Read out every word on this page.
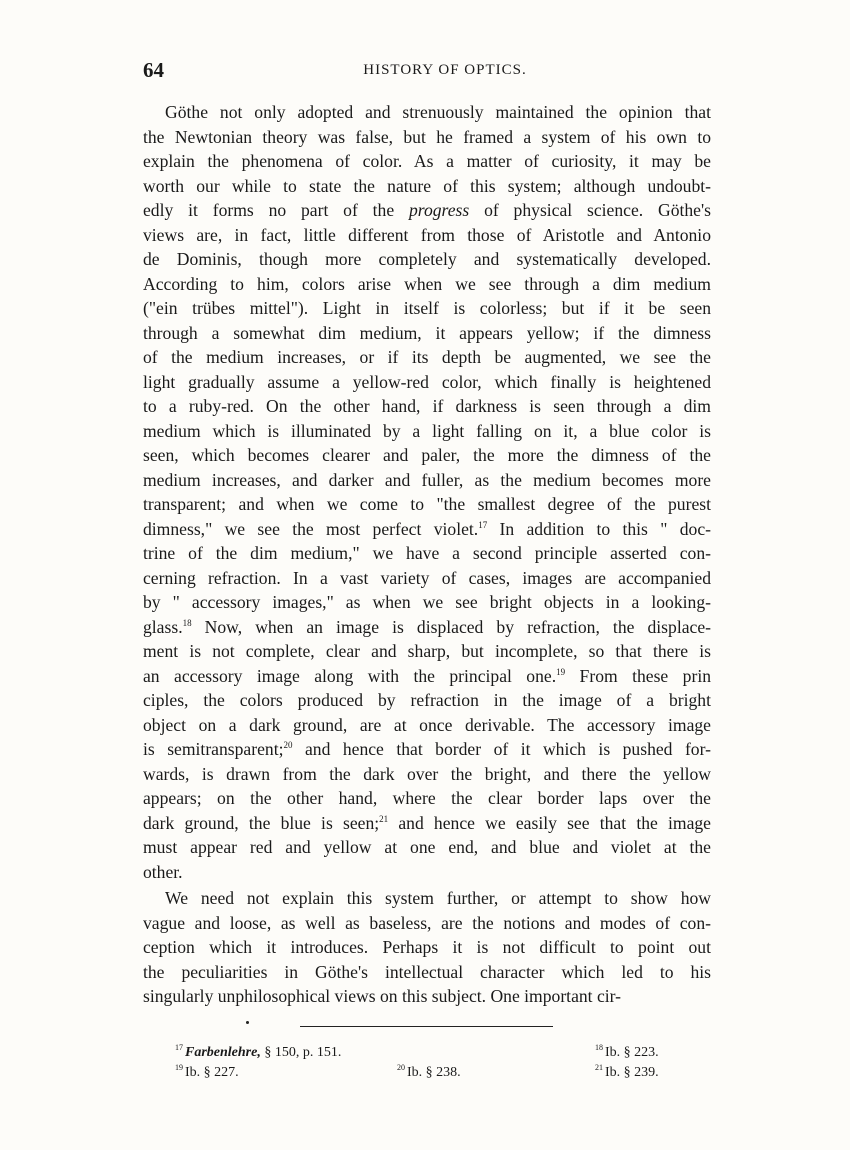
64	HISTORY OF OPTICS.

Göthe not only adopted and strenuously maintained the opinion that
the Newtonian theory was false, but he framed a system of his own to
explain the phenomena of color. As a matter of curiosity, it may be
worth our while to state the nature of this system; although undoubt-
edly it forms no part of the progress of physical science. Göthe's
views are, in fact, little different from those of Aristotle and Antonio
de Dominis, though more completely and systematically developed.
According to him, colors arise when we see through a dim medium
("ein trübes mittel"). Light in itself is colorless; but if it be seen
through a somewhat dim medium, it appears yellow; if the dimness
of the medium increases, or if its depth be augmented, we see the
light gradually assume a yellow-red color, which finally is heightened
to a ruby-red. On the other hand, if darkness is seen through a dim
medium which is illuminated by a light falling on it, a blue color is
seen, which becomes clearer and paler, the more the dimness of the
medium increases, and darker and fuller, as the medium becomes more
transparent; and when we come to "the smallest degree of the purest
dimness," we see the most perfect violet.$^{17}$ In addition to this " doc-
trine of the dim medium," we have a second principle asserted con-
cerning refraction. In a vast variety of cases, images are accompanied
by " accessory images," as when we see bright objects in a looking-
glass.$^{18}$ Now, when an image is displaced by refraction, the displace-
ment is not complete, clear and sharp, but incomplete, so that there is
an accessory image along with the principal one.$^{19}$ From these prin
ciples, the colors produced by refraction in the image of a bright
object on a dark ground, are at once derivable. The accessory image
is semitransparent;$^{20}$ and hence that border of it which is pushed for-
wards, is drawn from the dark over the bright, and there the yellow
appears; on the other hand, where the clear border laps over the
dark ground, the blue is seen;$^{21}$ and hence we easily see that the image
must appear red and yellow at one end, and blue and violet at the
other.

We need not explain this system further, or attempt to show how
vague and loose, as well as baseless, are the notions and modes of con-
ception which it introduces. Perhaps it is not difficult to point out
the peculiarities in Göthe's intellectual character which led to his
singularly unphilosophical views on this subject. One important cir-

$^{17}$ Farbenlehre, § 150, p. 151.	$^{18}$ Ib. § 223.
$^{19}$ Ib. § 227.	$^{20}$ Ib. § 238.	$^{21}$ Ib. § 239.
